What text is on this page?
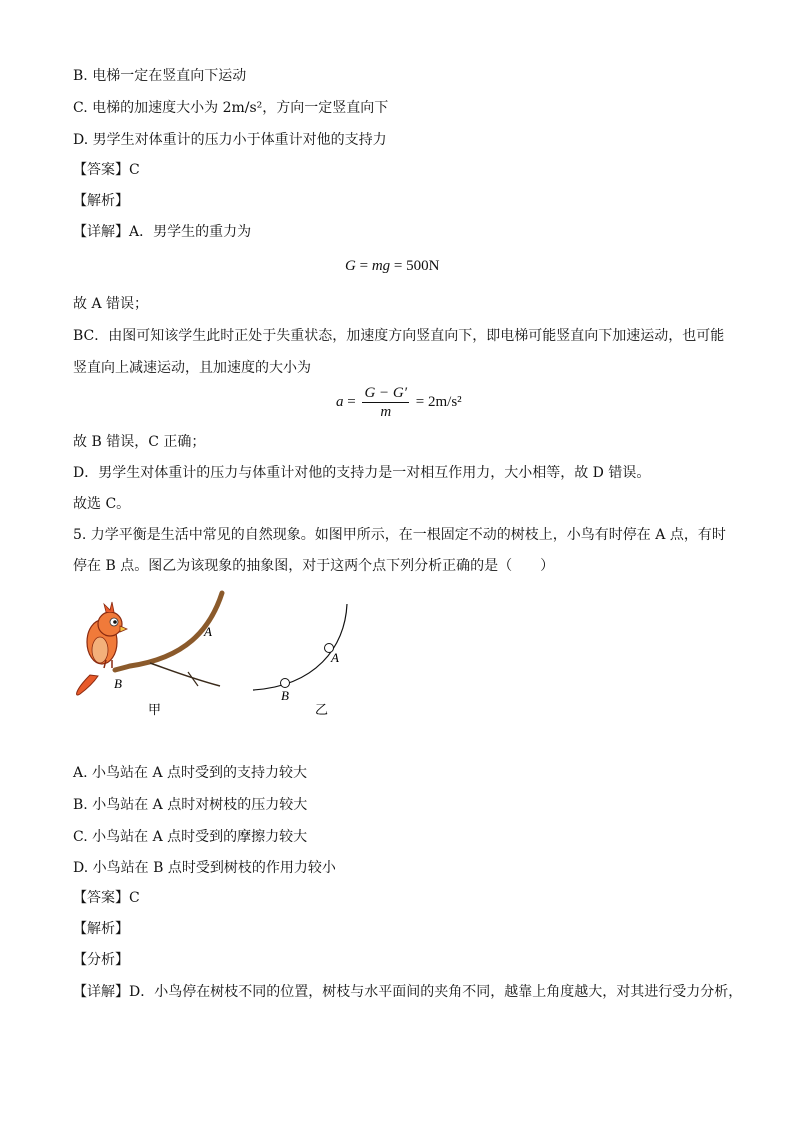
B. 电梯一定在竖直向下运动
C. 电梯的加速度大小为 2m/s²，方向一定竖直向下
D. 男学生对体重计的压力小于体重计对他的支持力
【答案】C
【解析】
【详解】A．男学生的重力为
G = mg = 500N
故 A 错误；
BC．由图可知该学生此时正处于失重状态，加速度方向竖直向下，即电梯可能竖直向下加速运动，也可能
竖直向上减速运动，且加速度的大小为
$a = \frac{G - G'}{m} = 2m/s^2$
故 B 错误，C 正确；
D．男学生对体重计的压力与体重计对他的支持力是一对相互作用力，大小相等，故 D 错误。
故选 C。
5. 力学平衡是生活中常见的自然现象。如图甲所示，在一根固定不动的树枝上，小鸟有时停在 A 点，有时
停在 B 点。图乙为该现象的抽象图，对于这两个点下列分析正确的是（　　）
A
B
甲
A
B
乙
A. 小鸟站在 A 点时受到的支持力较大
B. 小鸟站在 A 点时对树枝的压力较大
C. 小鸟站在 A 点时受到的摩擦力较大
D. 小鸟站在 B 点时受到树枝的作用力较小
【答案】C
【解析】
【分析】
【详解】D．小鸟停在树枝不同的位置，树枝与水平面间的夹角不同，越靠上角度越大，对其进行受力分析，
